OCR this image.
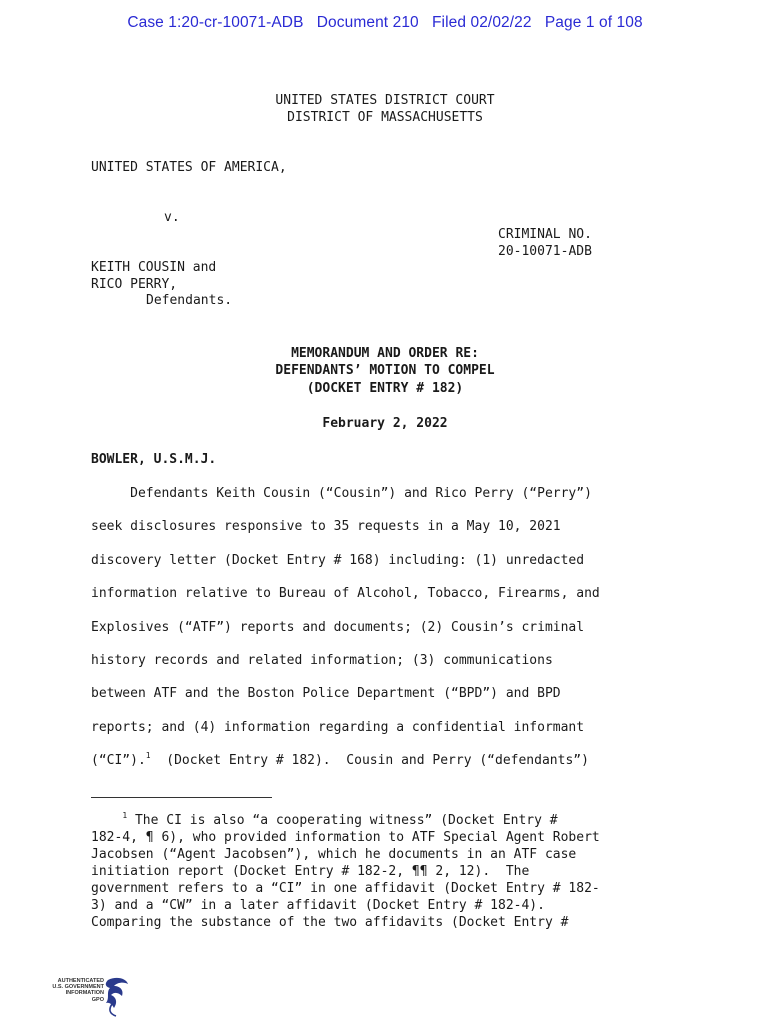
Case 1:20-cr-10071-ADB   Document 210   Filed 02/02/22   Page 1 of 108
UNITED STATES DISTRICT COURT
DISTRICT OF MASSACHUSETTS
UNITED STATES OF AMERICA,
v.
CRIMINAL NO.
20-10071-ADB
KEITH COUSIN and
RICO PERRY,
Defendants.
MEMORANDUM AND ORDER RE:
DEFENDANTS’ MOTION TO COMPEL
(DOCKET ENTRY # 182)
February 2, 2022
BOWLER, U.S.M.J.
Defendants Keith Cousin (“Cousin”) and Rico Perry (“Perry”)
seek disclosures responsive to 35 requests in a May 10, 2021
discovery letter (Docket Entry # 168) including: (1) unredacted
information relative to Bureau of Alcohol, Tobacco, Firearms, and
Explosives (“ATF”) reports and documents; (2) Cousin’s criminal
history records and related information; (3) communications
between ATF and the Boston Police Department (“BPD”) and BPD
reports; and (4) information regarding a confidential informant
(“CI”).$^1$  (Docket Entry # 182).  Cousin and Perry (“defendants”)
$^1$ The CI is also “a cooperating witness” (Docket Entry #
182-4, ¶ 6), who provided information to ATF Special Agent Robert
Jacobsen (“Agent Jacobsen”), which he documents in an ATF case
initiation report (Docket Entry # 182-2, ¶¶ 2, 12).  The
government refers to a “CI” in one affidavit (Docket Entry # 182-
3) and a “CW” in a later affidavit (Docket Entry # 182-4).
Comparing the substance of the two affidavits (Docket Entry #
AUTHENTICATED
U.S. GOVERNMENT
INFORMATION
GPO
